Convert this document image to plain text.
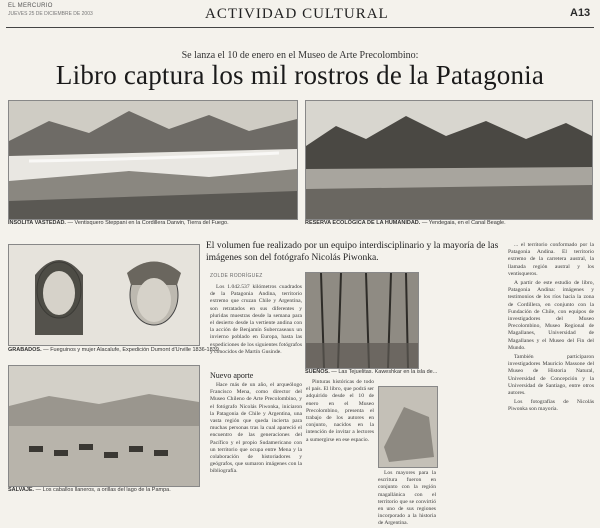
EL MERCURIO
JUEVES 25 DE DICIEMBRE DE 2003	ACTIVIDAD CULTURAL	A13
Se lanza el 10 de enero en el Museo de Arte Precolombino:
Libro captura los mil rostros de la Patagonia
INSOLITA VASTEDAD. — Ventisquero Steppani en la Cordillera Darwin, Tierra del Fuego.	RESERVA ECOLÓGICA DE LA HUMANIDAD. — Yendegaia, en el Canal Beagle.
GRABADOS. — Fueguinos y mujer Alacalufe, Expedición Dumont d'Urville 1836-1839.
SALVAJE. — Los caballos llaneros, a orillas del lago de la Pampa.
SUEÑOS. — Las Tejuelitas. Kaweshkar en la isla de...
El volumen fue realizado por un equipo interdisciplinario y la mayoría de las imágenes son del fotógrafo Nicolás Piwonka.
ZOLDE RODRÍGUEZ

Los 1.042.537 kilómetros cuadrados de la Patagonia Andina, territorio extremo que cruzan Chile y Argentina, son retratados en sus diferentes y pluridas muestras desde la semana para el desierto desde la vertiente andina con la acción de Benjamín Subercaseaux un invierno poblado en Europa, hasta las expediciones de los siguientes fotógrafos y conocidos de Martín Gusinde.

Nuevo aporte

Hace más de un año, el arqueólogo Francisco Mena, como director del Museo Chileno de Arte Precolombino, y el fotógrafo Nicolás Piwonka, iniciaron la Patagonia de Chile y Argentina, una vasta región que queda incierta para muchas personas tras la cual apareció el encuentro de las generaciones del Pacífico y el propio Sudamericano con un territorio que ocupa entre Mena y la colaboración de historiadores y geógrafos, que sumaron imágenes con la bibliografía.

Pinturas históricas de todo el país. El libro, que podrá ser adquirido desde el 10 de enero en el Museo Precolombino, presenta el trabajo de los autores en conjunto, nacidos en la intención de invitar a lectores a sumergirse en ese espacio.

Los mayores para la escritura fueron en conjunto con la región magallánica con el territorio que se convirtió en uno de sus regiones incorporado a la historia de Argentina.

... el territorio conformado por la Patagonia Andina. El territorio extremo de la carretera austral, la llamada región austral y los ventisqueros.

A partir de este estudio de libro, Patagonia Andina: imágenes y testimonios de los ríos hacia la zona de Cordillera, en conjunto con la Fundación de Chile, con equipos de investigadores del Museo Precolombino, Museo Regional de Magallanes, Universidad de Magallanes y el Museo del Fin del Mundo.

También participaron investigadores Mauricio Massone del Museo de Historia Natural, Universidad de Concepción y la Universidad de Santiago, entre otros autores.

Los fotografías de Nicolás Piwonka son mayoría.
